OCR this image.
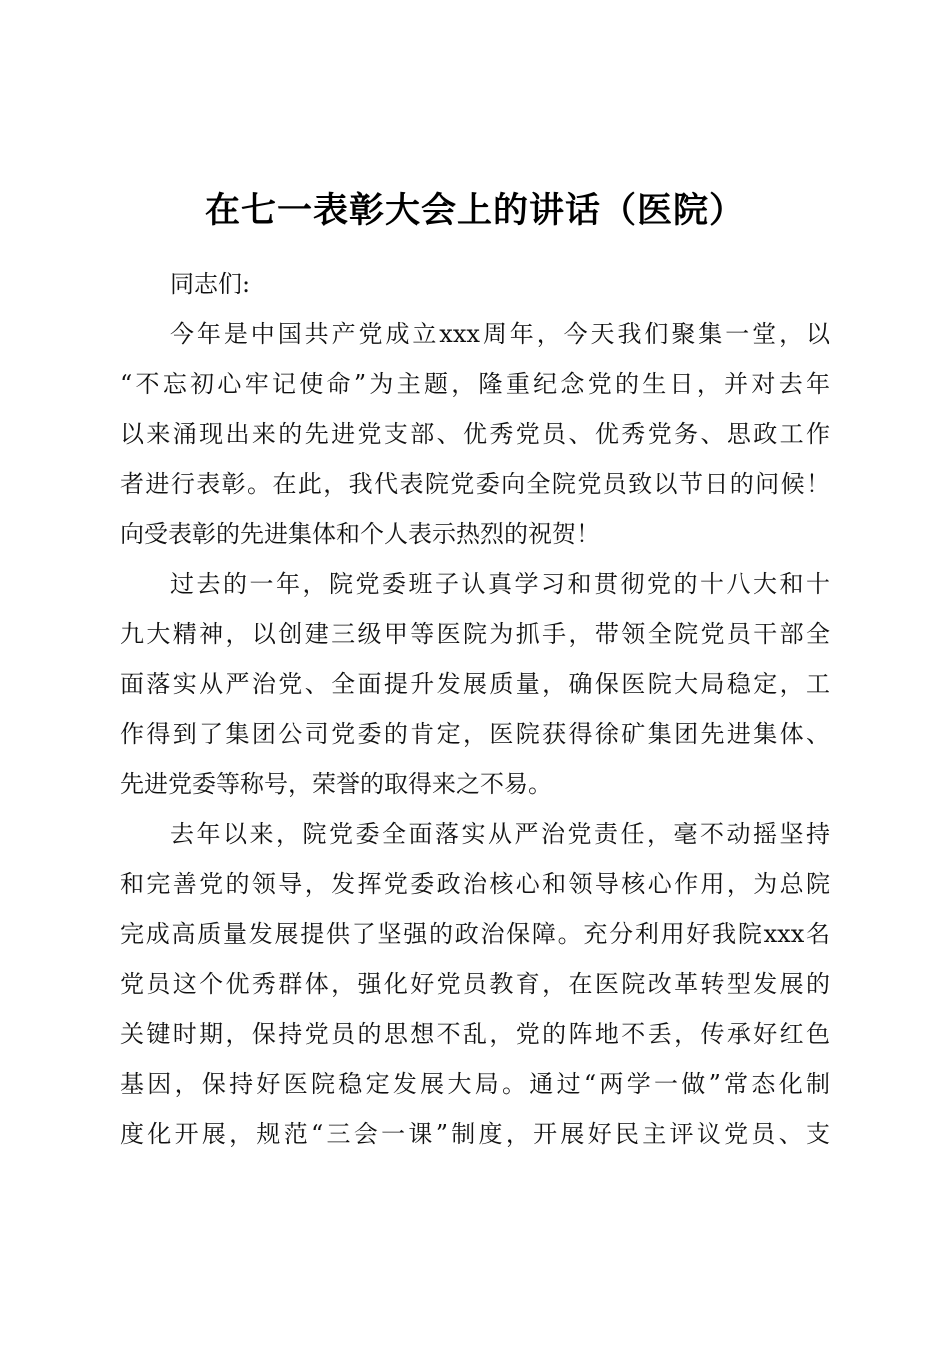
在七一表彰大会上的讲话（医院）
同志们:
今年是中国共产党成立xxx周年，今天我们聚集一堂，以
“不忘初心牢记使命”为主题，隆重纪念党的生日，并对去年
以来涌现出来的先进党支部、优秀党员、优秀党务、思政工作
者进行表彰。在此，我代表院党委向全院党员致以节日的问候！
向受表彰的先进集体和个人表示热烈的祝贺！
过去的一年，院党委班子认真学习和贯彻党的十八大和十
九大精神，以创建三级甲等医院为抓手，带领全院党员干部全
面落实从严治党、全面提升发展质量，确保医院大局稳定，工
作得到了集团公司党委的肯定，医院获得徐矿集团先进集体、
先进党委等称号，荣誉的取得来之不易。
去年以来，院党委全面落实从严治党责任，毫不动摇坚持
和完善党的领导，发挥党委政治核心和领导核心作用，为总院
完成高质量发展提供了坚强的政治保障。充分利用好我院xxx名
党员这个优秀群体，强化好党员教育，在医院改革转型发展的
关键时期，保持党员的思想不乱，党的阵地不丢，传承好红色
基因，保持好医院稳定发展大局。通过“两学一做”常态化制
度化开展，规范“三会一课”制度，开展好民主评议党员、支
